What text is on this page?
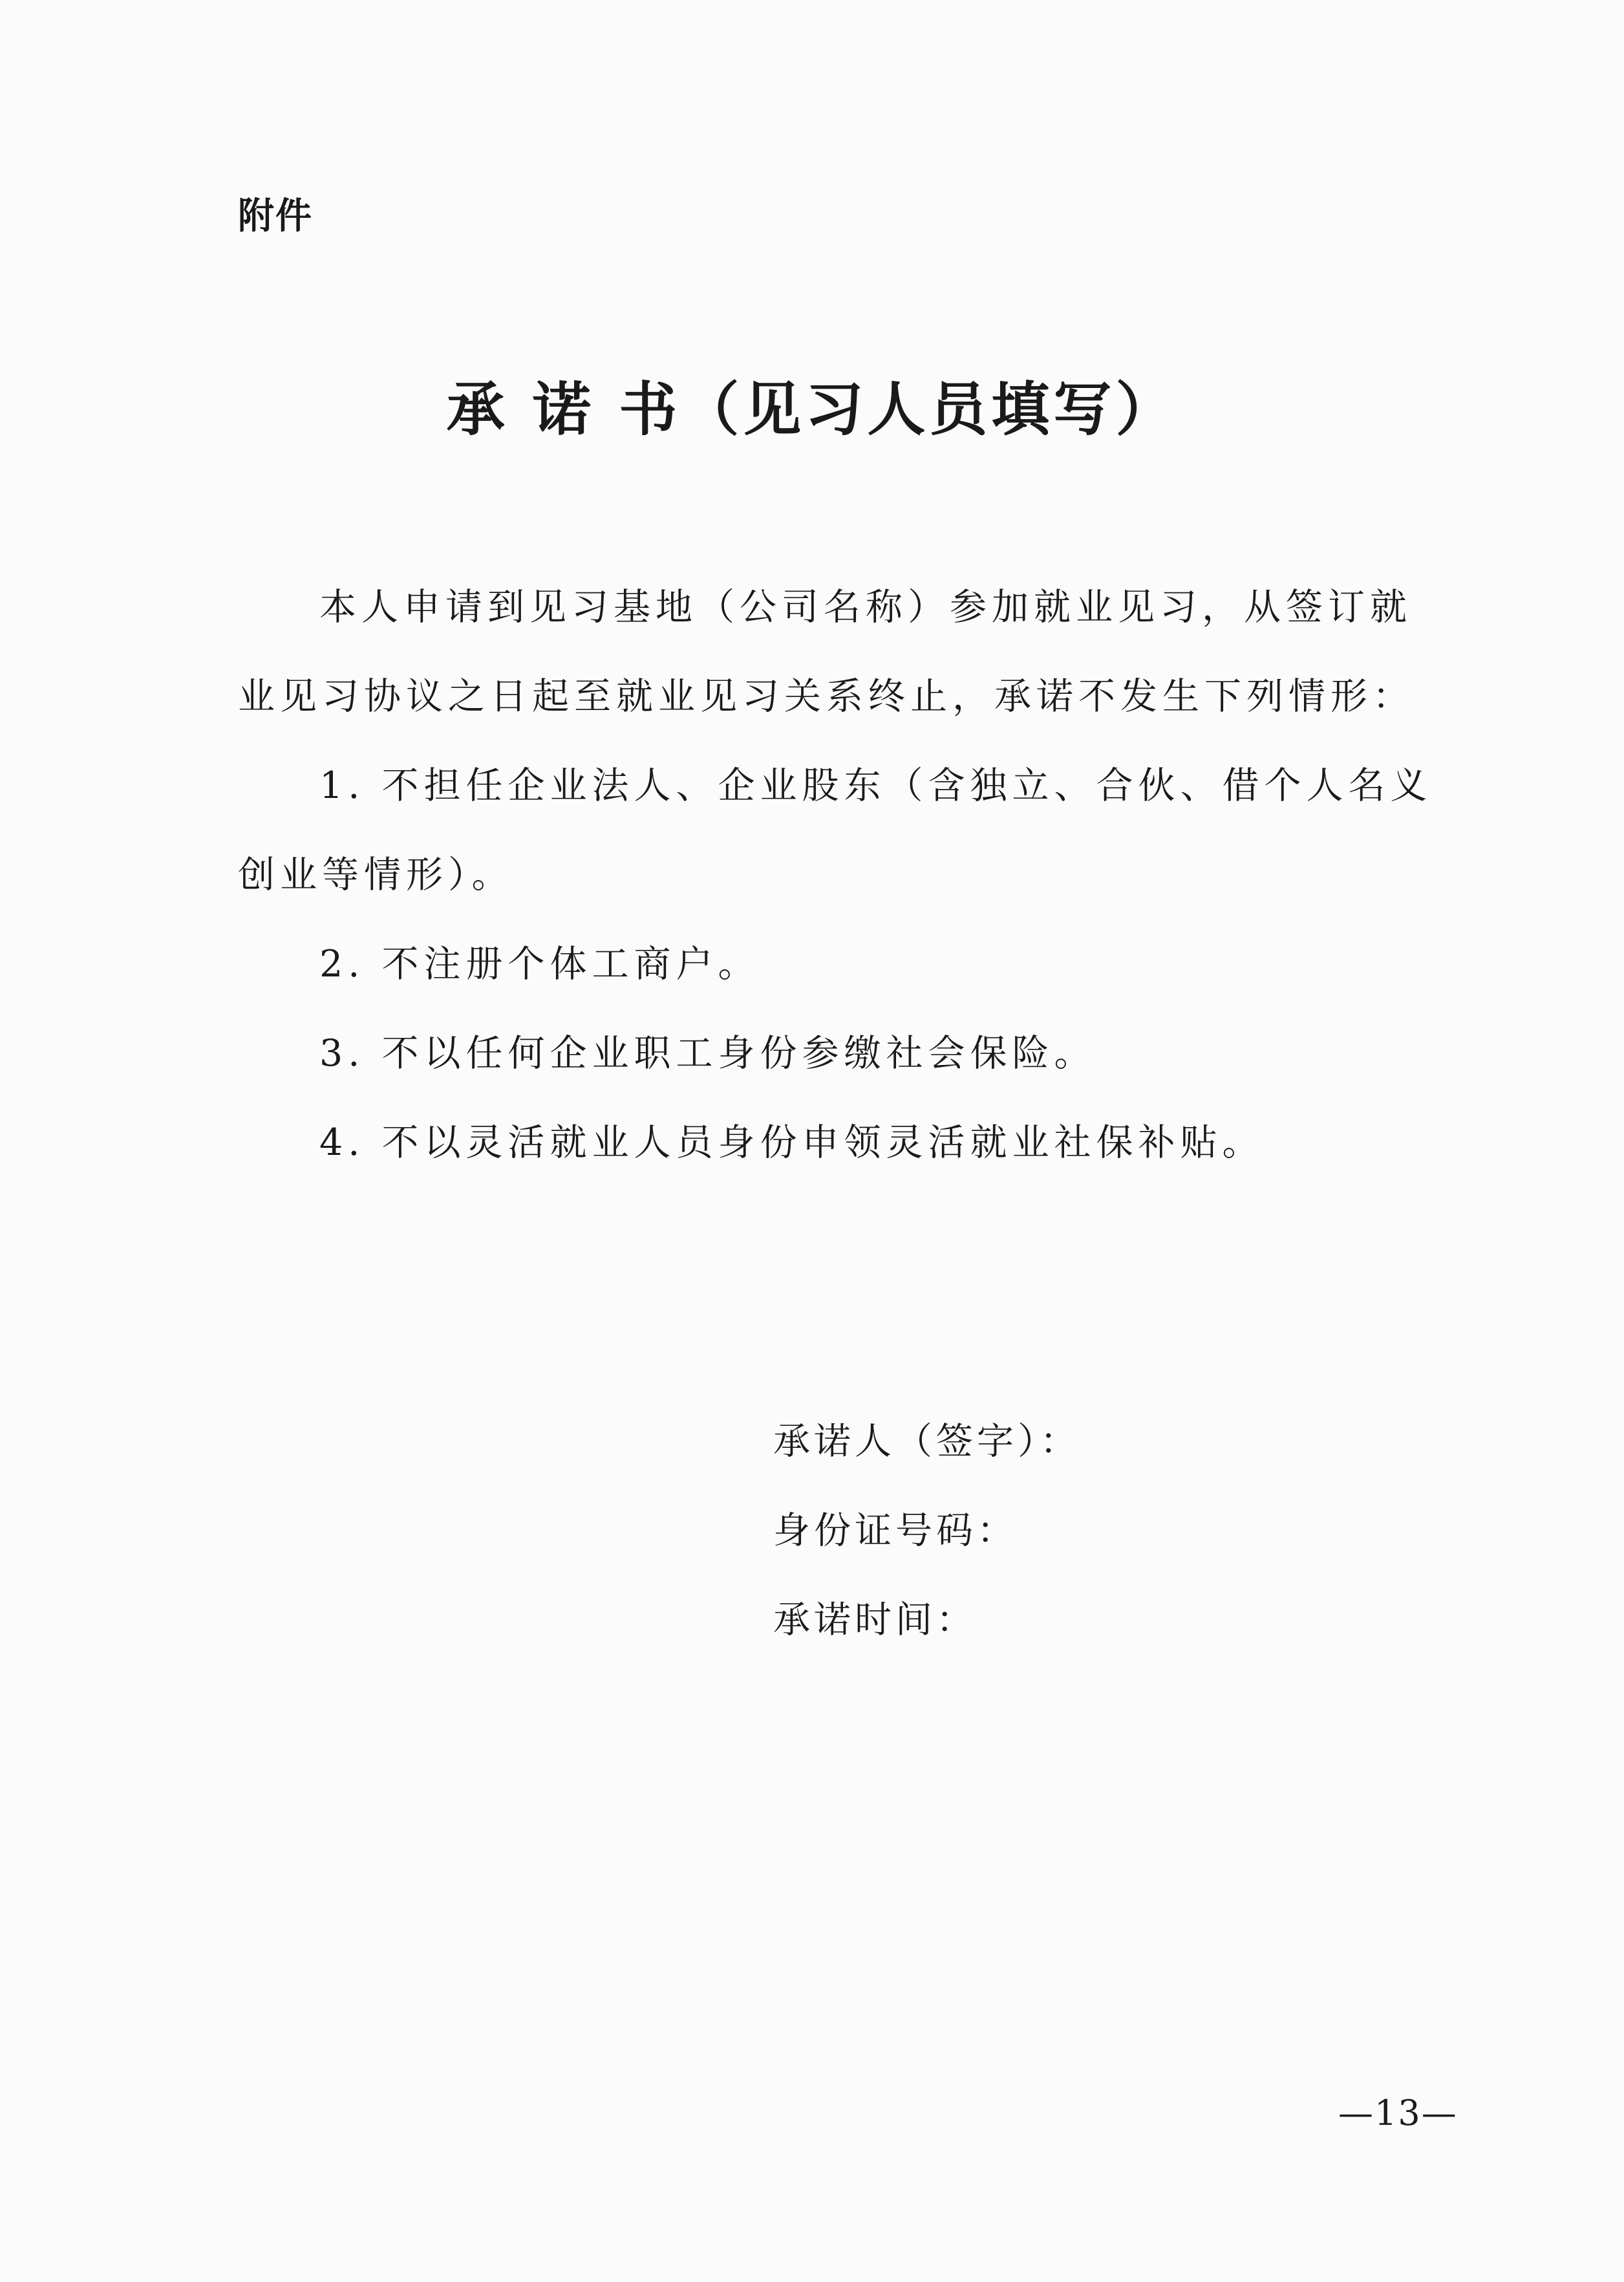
附件
承 诺 书（见习人员填写）

本人申请到见习基地（公司名称）参加就业见习，从签订就业见习协议之日起至就业见习关系终止，承诺不发生下列情形：

1. 不担任企业法人、企业股东（含独立、合伙、借个人名义创业等情形）。

2. 不注册个体工商户。

3. 不以任何企业职工身份参缴社会保险。

4. 不以灵活就业人员身份申领灵活就业社保补贴。

承诺人（签字）：
身份证号码：
承诺时间：
—13—
